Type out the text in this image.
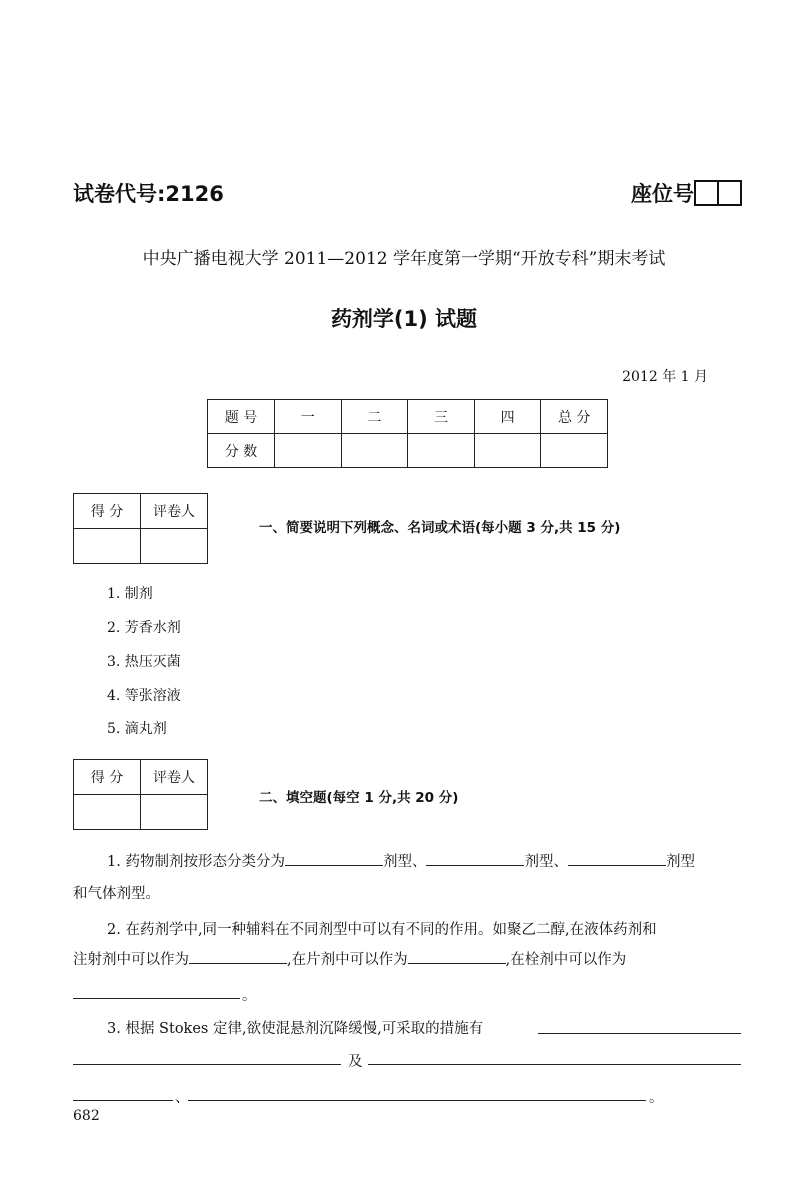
试卷代号:2126	座位号
中央广播电视大学 2011—2012 学年度第一学期“开放专科”期末考试
药剂学(1) 试题
2012 年 1 月
题 号	一	二	三	四	总 分
分 数					
得 分	评卷人

一、简要说明下列概念、名词或术语(每小题 3 分,共 15 分)
1. 制剂
2. 芳香水剂
3. 热压灭菌
4. 等张溶液
5. 滴丸剂
得 分	评卷人

二、填空题(每空 1 分,共 20 分)
1. 药物制剂按形态分类分为	剂型、	剂型、	剂型
和气体剂型。
2. 在药剂学中,同一种辅料在不同剂型中可以有不同的作用。如聚乙二醇,在液体药剂和
注射剂中可以作为	,在片剂中可以作为	,在栓剂中可以作为
。
3. 根据 Stokes 定律,欲使混悬剂沉降缓慢,可采取的措施有
及
、	。
682
